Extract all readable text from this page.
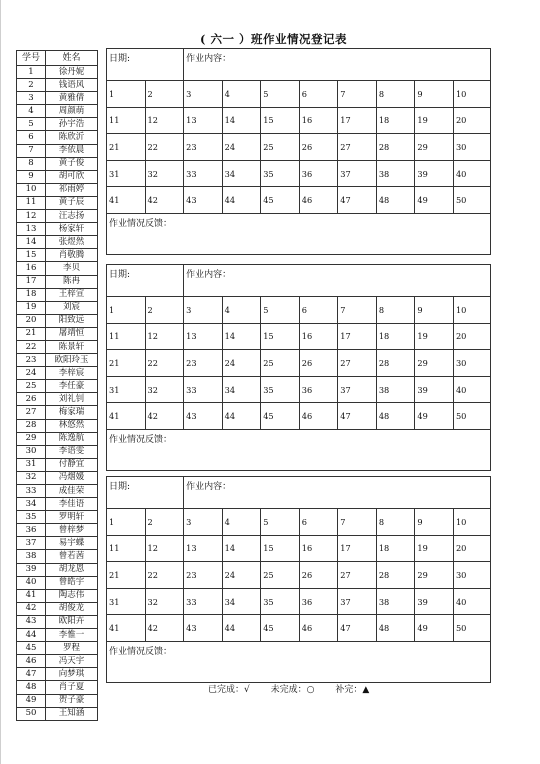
( 六一 ）班作业情况登记表
学号	姓名
1	徐丹妮
2	钱语风
3	黄雅倩
4	周颜萌
5	孙宇浩
6	陈欣沂
7	李依晨
8	黄子俊
9	胡可欣
10	祁雨婷
11	黄子辰
12	汪志扬
13	杨家轩
14	张煜然
15	肖敬腾
16	李贝
17	陈冉
18	王梓宣
19	刘宸
20	阳致远
21	屠靖恒
22	陈景轩
23	欧阳玲玉
24	李梓宸
25	李任豪
26	刘礼钊
27	梅家瑞
28	林悠然
29	陈逸航
30	李语雯
31	付静宜
32	冯烟媛
33	成佳荣
34	李佳语
35	罗明轩
36	曾梓梦
37	易宇蝶
38	曾若茜
39	胡龙恩
40	曾皓宇
41	陶志伟
42	胡俊龙
43	欧阳卉
44	李惟一
45	罗程
46	冯天宇
47	向梦琪
48	肖子夏
49	贺子豪
50	王知涵
日期:		作业内容：							
1	2	3	4	5	6	7	8	9	10
11	12	13	14	15	16	17	18	19	20
21	22	23	24	25	26	27	28	29	30
31	32	33	34	35	36	37	38	39	40
41	42	43	44	45	46	47	48	49	50
作业情况反馈：									
日期:		作业内容：							
1	2	3	4	5	6	7	8	9	10
11	12	13	14	15	16	17	18	19	20
21	22	23	24	25	26	27	28	29	30
31	32	33	34	35	36	37	38	39	40
41	42	43	44	45	46	47	48	49	50
作业情况反馈：									
日期:		作业内容：							
1	2	3	4	5	6	7	8	9	10
11	12	13	14	15	16	17	18	19	20
21	22	23	24	25	26	27	28	29	30
31	32	33	34	35	36	37	38	39	40
41	42	43	44	45	46	47	48	49	50
作业情况反馈：									
已完成：√ 未完成：○ 补完：▲
